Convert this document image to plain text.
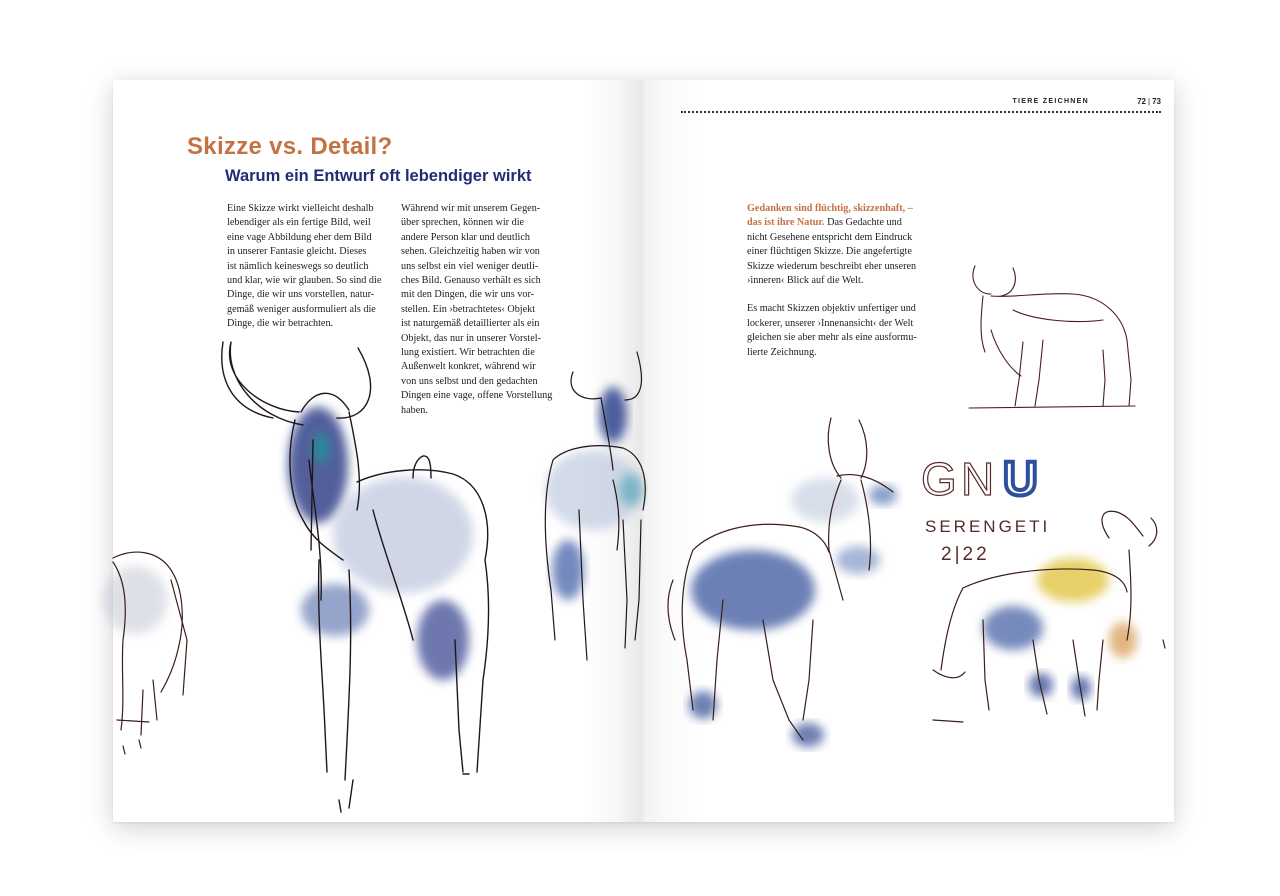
TIERE ZEICHNEN	72 | 73
Skizze vs. Detail?
Warum ein Entwurf oft lebendiger wirkt
Eine Skizze wirkt vielleicht deshalb
lebendiger als ein fertige Bild, weil
eine vage Abbildung eher dem Bild
in unserer Fantasie gleicht. Dieses
ist nämlich keineswegs so deutlich
und klar, wie wir glauben. So sind die
Dinge, die wir uns vorstellen, natur-
gemäß weniger ausformuliert als die
Dinge, die wir betrachten.
Während wir mit unserem Gegen-
über sprechen, können wir die
andere Person klar und deutlich
sehen. Gleichzeitig haben wir von
uns selbst ein viel weniger deutli-
ches Bild. Genauso verhält es sich
mit den Dingen, die wir uns vor-
stellen. Ein ›betrachtetes‹ Objekt
ist naturgemäß detaillierter als ein
Objekt, das nur in unserer Vorstel-
lung existiert. Wir betrachten die
Außenwelt konkret, während wir
von uns selbst und den gedachten
Dingen eine vage, offene Vorstellung
haben.
Gedanken sind flüchtig, skizzenhaft, –
das ist ihre Natur. Das Gedachte und
nicht Gesehene entspricht dem Eindruck
einer flüchtigen Skizze. Die angefertigte
Skizze wiederum beschreibt eher unseren
›inneren‹ Blick auf die Welt.
Es macht Skizzen objektiv unfertiger und
lockerer, unserer ›Innenansicht‹ der Welt
gleichen sie aber mehr als eine ausformu-
lierte Zeichnung.
G N U
SERENGETI
2|22
